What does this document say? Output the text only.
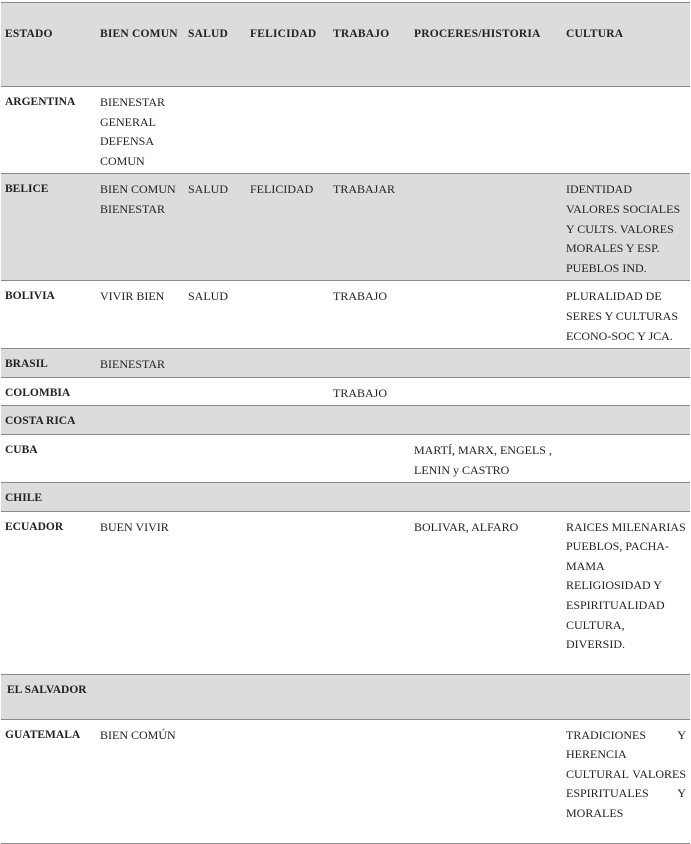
ESTADO	BIEN COMUN	SALUD	FELICIDAD	TRABAJO	PROCERES/HISTORIA	CULTURA
ARGENTINA	BIENESTAR GENERAL DEFENSA COMUN					
BELICE	BIEN COMUN BIENESTAR	SALUD	FELICIDAD	TRABAJAR		IDENTIDAD VALORES SOCIALES Y CULTS. VALORES MORALES Y ESP. PUEBLOS IND.
BOLIVIA	VIVIR BIEN	SALUD		TRABAJO		PLURALIDAD DE SERES Y CULTURAS ECONO-SOC Y JCA.
BRASIL	BIENESTAR					
COLOMBIA				TRABAJO		
COSTA RICA						
CUBA					MARTÍ, MARX, ENGELS , LENIN y CASTRO	
CHILE						
ECUADOR	BUEN VIVIR				BOLIVAR, ALFARO	RAICES MILENARIAS PUEBLOS, PACHA-MAMA RELIGIOSIDAD Y ESPIRITUALIDAD CULTURA, DIVERSID.
EL SALVADOR						
GUATEMALA	BIEN COMÚN					TRADICIONES Y HERENCIA CULTURAL VALORES ESPIRITUALES Y MORALES
